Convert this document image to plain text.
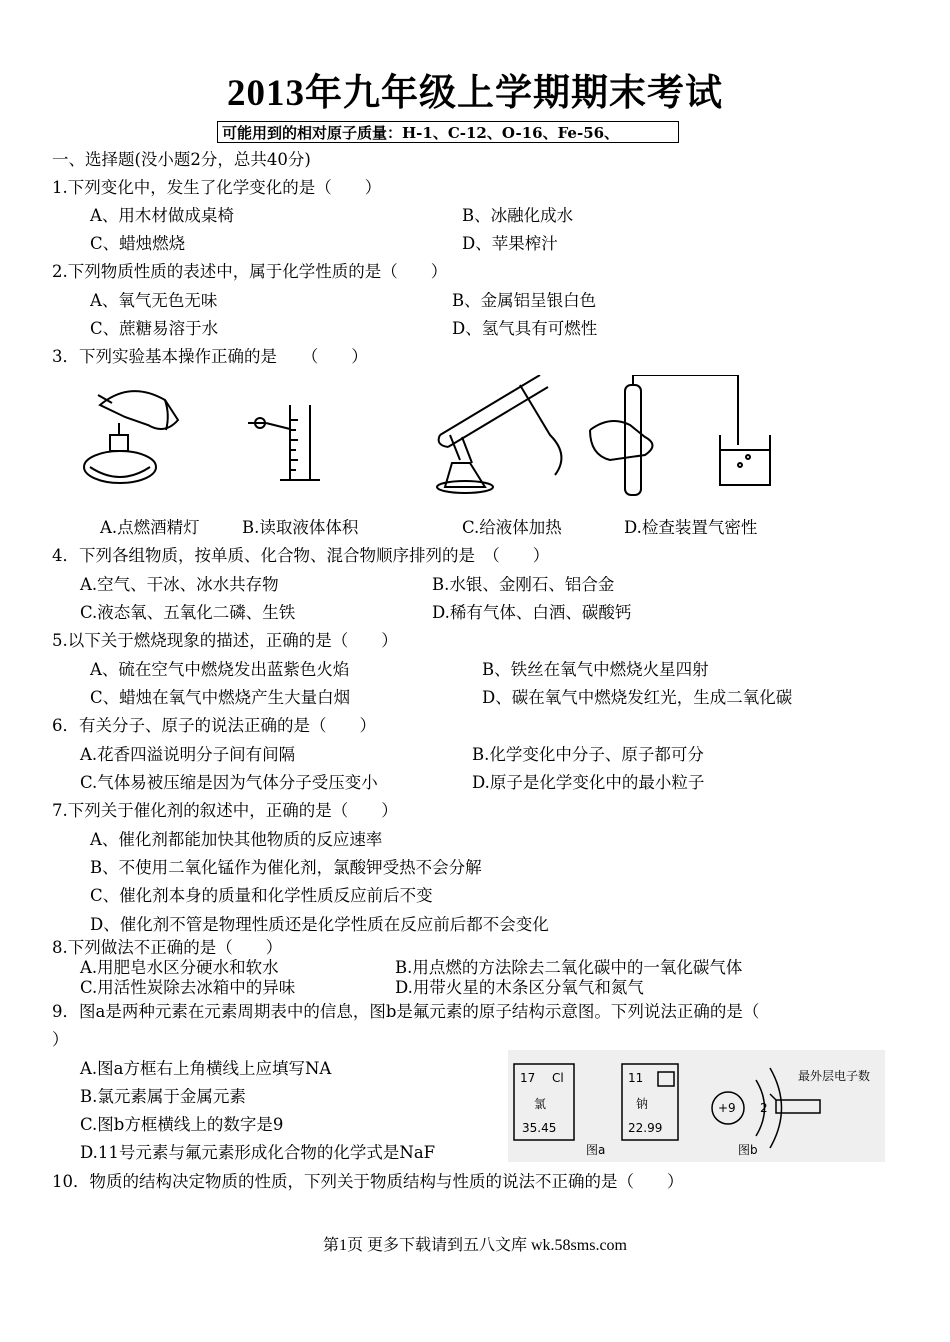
2013年九年级上学期期末考试
可能用到的相对原子质量：H-1、C-12、O-16、Fe-56、
一、选择题(没小题2分，总共40分)
1.下列变化中，发生了化学变化的是（　　）
A、用木材做成桌椅	B、冰融化成水
C、蜡烛燃烧	D、苹果榨汁
2.下列物质性质的表述中，属于化学性质的是（　　）
A、氧气无色无味	B、金属铝呈银白色
C、蔗糖易溶于水	D、氢气具有可燃性
3．下列实验基本操作正确的是　　（　　）
A.点燃酒精灯	B.读取液体体积	C.给液体加热	D.检查装置气密性
4．下列各组物质，按单质、化合物、混合物顺序排列的是　（　　）
A.空气、干冰、冰水共存物	B.水银、金刚石、铝合金
C.液态氧、五氧化二磷、生铁	D.稀有气体、白酒、碳酸钙
5.以下关于燃烧现象的描述，正确的是（　　）
A、硫在空气中燃烧发出蓝紫色火焰	B、铁丝在氧气中燃烧火星四射
C、蜡烛在氧气中燃烧产生大量白烟	D、碳在氧气中燃烧发红光，生成二氧化碳
6．有关分子、原子的说法正确的是（　　）
A.花香四溢说明分子间有间隔	B.化学变化中分子、原子都可分
C.气体易被压缩是因为气体分子受压变小	D.原子是化学变化中的最小粒子
7.下列关于催化剂的叙述中，正确的是（　　）
A、催化剂都能加快其他物质的反应速率
B、不使用二氧化锰作为催化剂，氯酸钾受热不会分解
C、催化剂本身的质量和化学性质反应前后不变
D、催化剂不管是物理性质还是化学性质在反应前后都不会变化
8.下列做法不正确的是（　　）
A.用肥皂水区分硬水和软水	B.用点燃的方法除去二氧化碳中的一氧化碳气体
C.用活性炭除去冰箱中的异味	D.用带火星的木条区分氧气和氮气
9．图a是两种元素在元素周期表中的信息，图b是氟元素的原子结构示意图。下列说法正确的是（
）
A.图a方框右上角横线上应填写NA
B.氯元素属于金属元素
C.图b方框横线上的数字是9
D.11号元素与氟元素形成化合物的化学式是NaF
17 Cl
氯
35.45
11
钠
22.99
图a	图b
+9 2
最外层电子数
10．物质的结构决定物质的性质，下列关于物质结构与性质的说法不正确的是（　　）
第1页 更多下载请到五八文库 wk.58sms.com
